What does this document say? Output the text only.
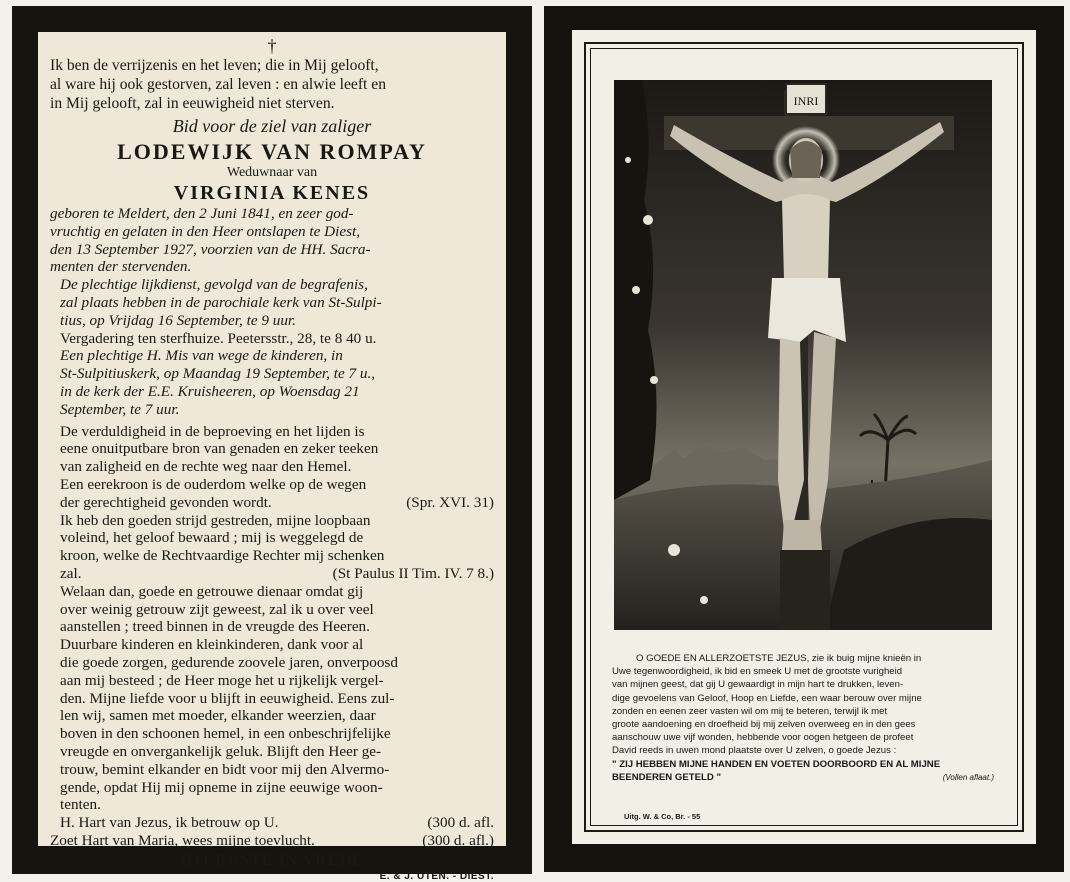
†
Ik ben de verrijzenis en het leven; die in Mij gelooft,
al ware hij ook gestorven, zal leven : en alwie leeft en
in Mij gelooft, zal in eeuwigheid niet sterven.
Bid voor de ziel van zaliger
LODEWIJK VAN ROMPAY
Weduwnaar van
VIRGINIA KENES
geboren te Meldert, den 2 Juni 1841, en zeer god-
vruchtig en gelaten in den Heer ontslapen te Diest,
den 13 September 1927, voorzien van de HH. Sacra-
menten der stervenden.
De plechtige lijkdienst, gevolgd van de begrafenis,
zal plaats hebben in de parochiale kerk van St-Sulpi-
tius, op Vrijdag 16 September, te 9 uur.
Vergadering ten sterfhuize. Peetersstr., 28, te 8 40 u.
Een plechtige H. Mis van wege de kinderen, in
St-Sulpitiuskerk, op Maandag 19 September, te 7 u.,
in de kerk der E.E. Kruisheeren, op Woensdag 21
September, te 7 uur.
De verduldigheid in de beproeving en het lijden is
eene onuitputbare bron van genaden en zeker teeken
van zaligheid en de rechte weg naar den Hemel.
Een eerekroon is de ouderdom welke op de wegen
der gerechtigheid gevonden wordt.	(Spr. XVI. 31)
Ik heb den goeden strijd gestreden, mijne loopbaan
voleind, het geloof bewaard ; mij is weggelegd de
kroon, welke de Rechtvaardige Rechter mij schenken
zal.	(St Paulus II Tim. IV. 7 8.)
Welaan dan, goede en getrouwe dienaar omdat gij
over weinig getrouw zijt geweest, zal ik u over veel
aanstellen ; treed binnen in de vreugde des Heeren.
Duurbare kinderen en kleinkinderen, dank voor al
die goede zorgen, gedurende zoovele jaren, onverpoosd
aan mij besteed ; de Heer moge het u rijkelijk vergel-
den. Mijne liefde voor u blijft in eeuwigheid. Eens zul-
len wij, samen met moeder, elkander weerzien, daar
boven in den schoonen hemel, in een onbeschrijfelijke
vreugde en onvergankelijk geluk. Blijft den Heer ge-
trouw, bemint elkander en bidt voor mij den Alvermo-
gende, opdat Hij mij opneme in zijne eeuwige woon-
tenten.
H. Hart van Jezus, ik betrouw op U.	(300 d. afl.
Zoet Hart van Maria, wees mijne toevlucht.	(300 d. afl.)
HIJ RUSTE IN VREDE
E. & J. UTEN. - DIEST.
INRI
O GOEDE EN ALLERZOETSTE JEZUS, zie ik buig mijne knieën in
Uwe tegenwoordigheid, ik bid en smeek U met de grootste vurigheid
van mijnen geest, dat gij U gewaardigt in mijn hart te drukken, leven-
dige gevoelens van Geloof, Hoop en Liefde, een waar berouw over mijne
zonden en eenen zeer vasten wil om mij te beteren, terwijl ik met
groote aandoening en droefheid bij mij zelven overweeg en in den gees
aanschouw uwe vijf wonden, hebbende voor oogen hetgeen de profeet
David reeds in uwen mond plaatste over U zelven, o goede Jezus :
" ZIJ HEBBEN MIJNE HANDEN EN VOETEN DOORBOORD EN AL MIJNE
BEENDEREN GETELD "	(Vollen aflaat.)
Uitg. W. & Co, Br. - 55
